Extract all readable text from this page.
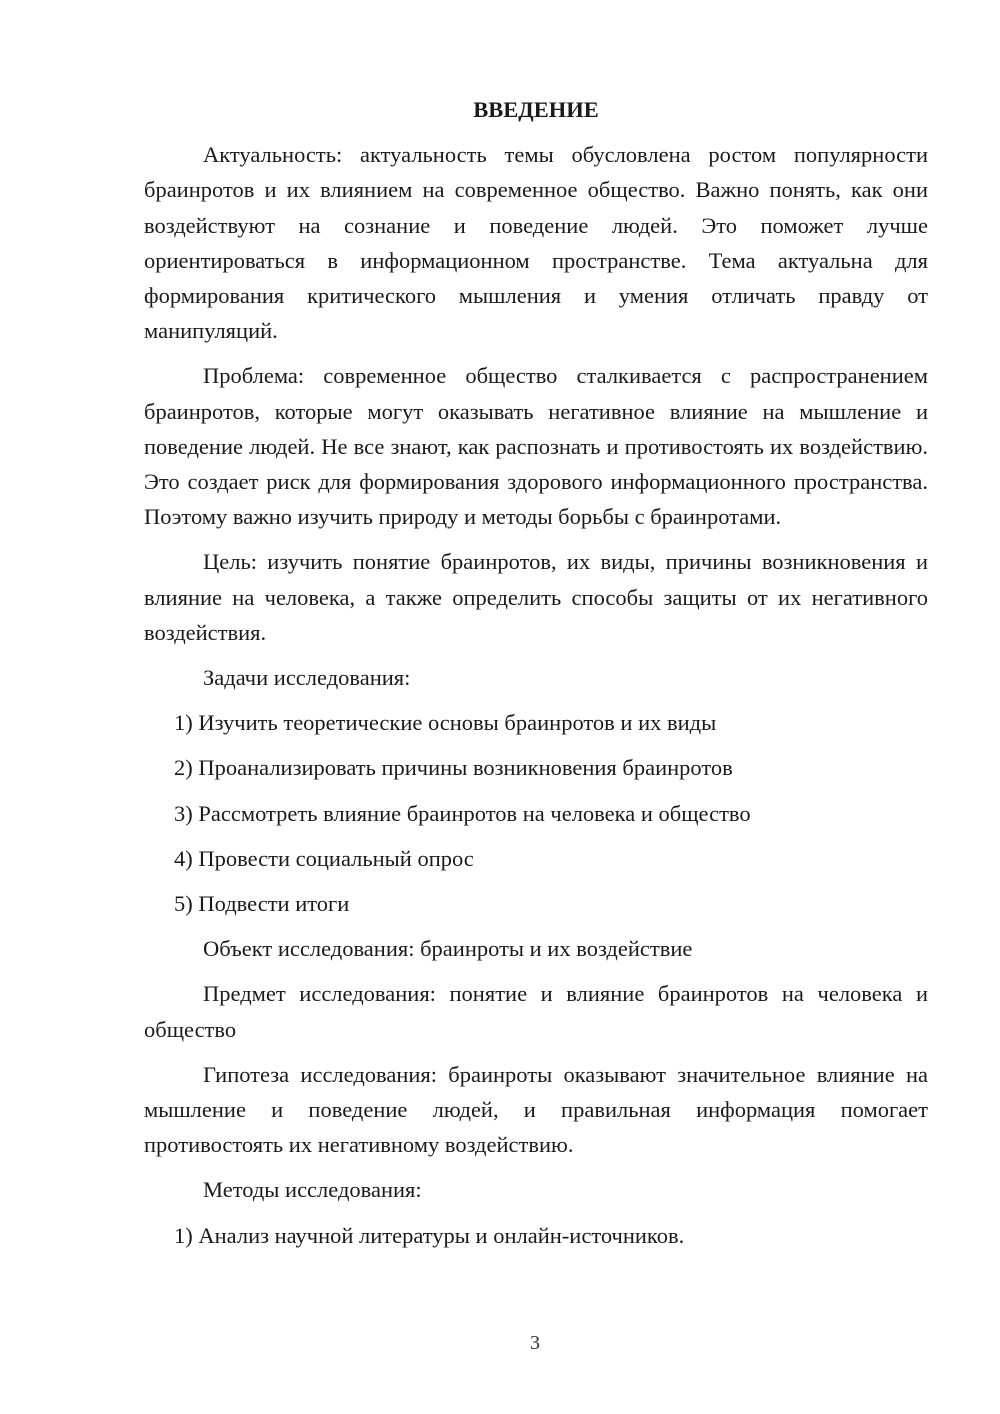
ВВЕДЕНИЕ

Актуальность: актуальность темы обусловлена ростом популярности браинротов и их влиянием на современное общество. Важно понять, как они воздействуют на сознание и поведение людей. Это поможет лучше ориентироваться в информационном пространстве. Тема актуальна для формирования критического мышления и умения отличать правду от манипуляций.

Проблема: современное общество сталкивается с распространением браинротов, которые могут оказывать негативное влияние на мышление и поведение людей. Не все знают, как распознать и противостоять их воздействию. Это создает риск для формирования здорового информационного пространства. Поэтому важно изучить природу и методы борьбы с браинротами.

Цель: изучить понятие браинротов, их виды, причины возникновения и влияние на человека, а также определить способы защиты от их негативного воздействия.

Задачи исследования:

1) Изучить теоретические основы браинротов и их виды

2) Проанализировать причины возникновения браинротов

3) Рассмотреть влияние браинротов на человека и общество

4) Провести социальный опрос

5) Подвести итоги

Объект исследования: браинроты и их воздействие

Предмет исследования: понятие и влияние браинротов на человека и общество

Гипотеза исследования: браинроты оказывают значительное влияние на мышление и поведение людей, и правильная информация помогает противостоять их негативному воздействию.

Методы исследования:

1) Анализ научной литературы и онлайн-источников.

3
